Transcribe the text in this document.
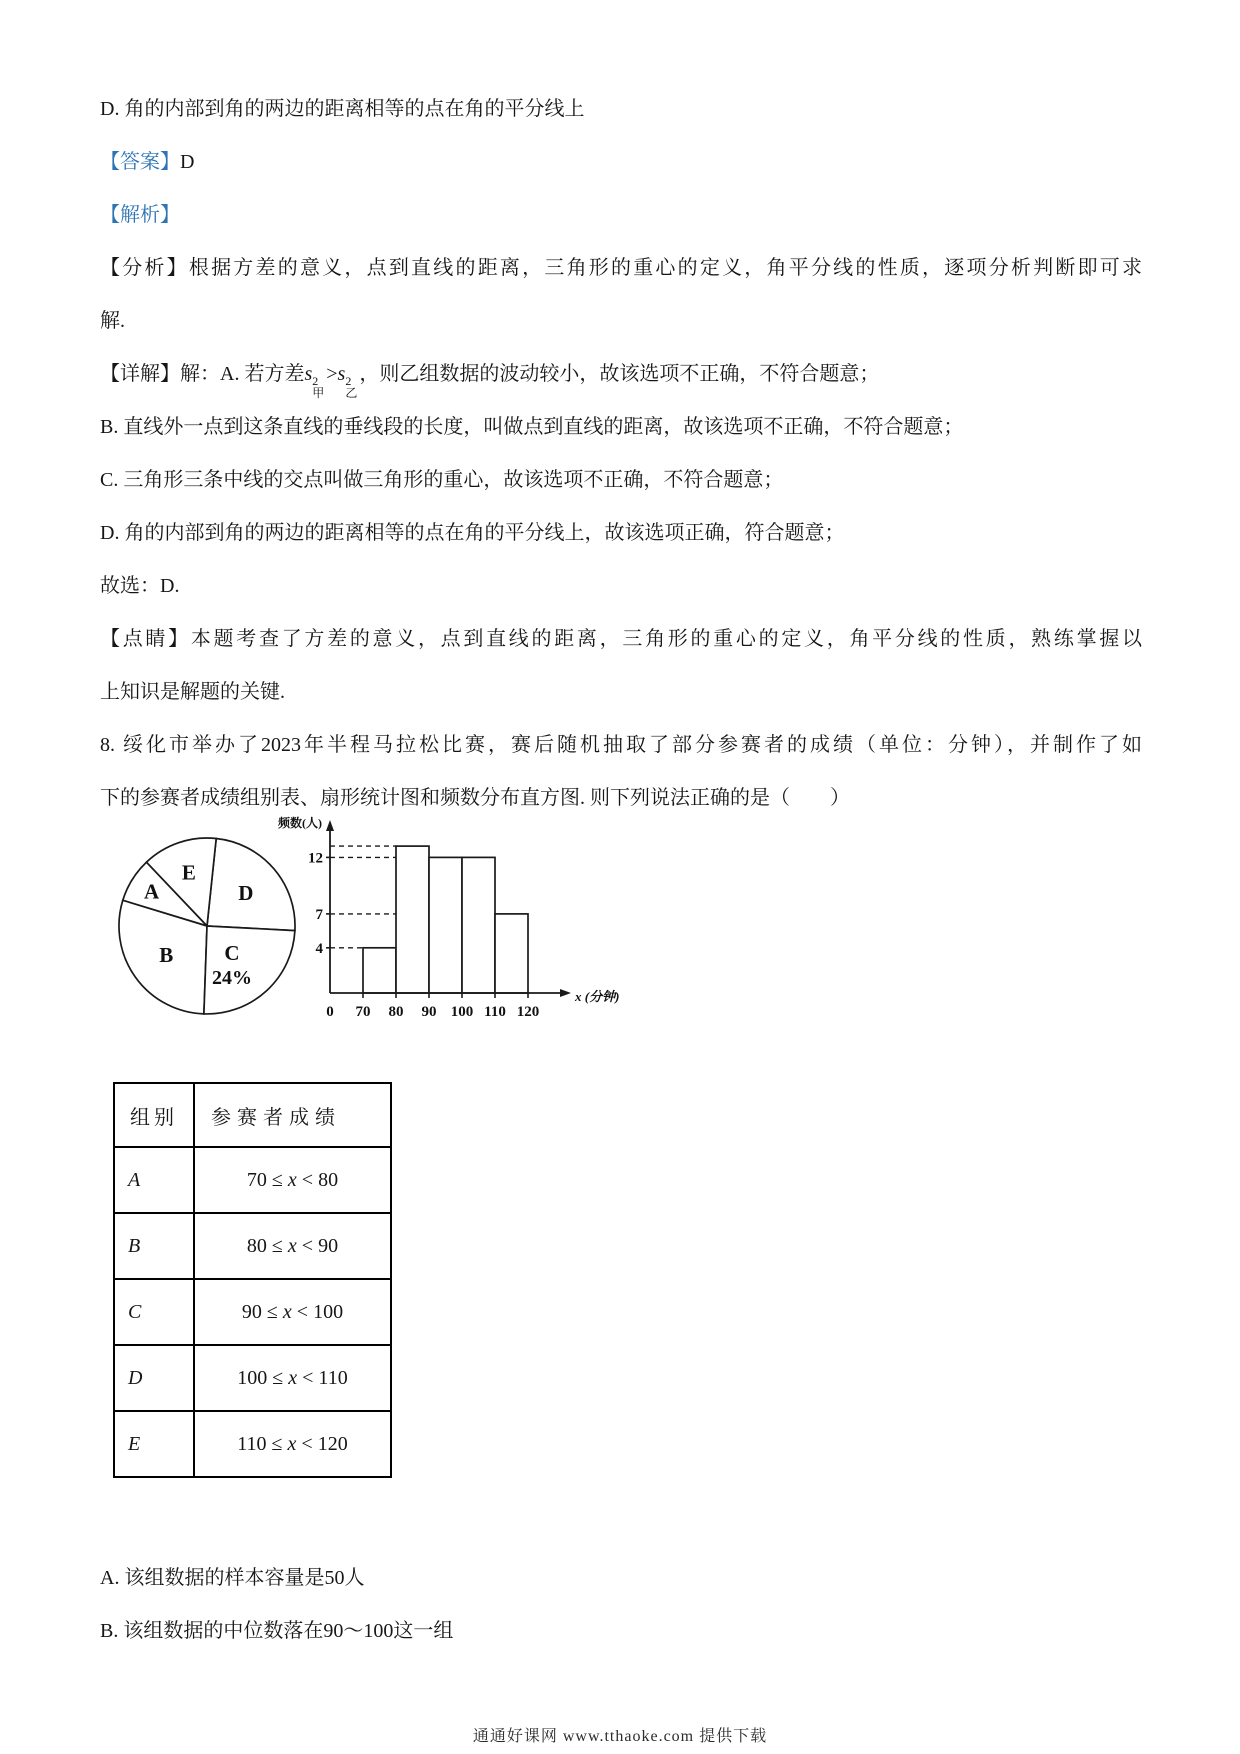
D. 角的内部到角的两边的距离相等的点在角的平分线上
【答案】D
【解析】
【分析】根据方差的意义，点到直线的距离，三角形的重心的定义，角平分线的性质，逐项分析判断即可求
解.
【详解】解：A. 若方差s 2
甲
>s 2
乙
，则乙组数据的波动较小，故该选项不正确，不符合题意；
B. 直线外一点到这条直线的垂线段的长度，叫做点到直线的距离，故该选项不正确，不符合题意；
C. 三角形三条中线的交点叫做三角形的重心，故该选项不正确，不符合题意；
D. 角的内部到角的两边的距离相等的点在角的平分线上，故该选项正确，符合题意；
故选：D.
【点睛】本题考查了方差的意义，点到直线的距离，三角形的重心的定义，角平分线的性质，熟练掌握以
上知识是解题的关键.
8. 绥化市举办了2023年半程马拉松比赛，赛后随机抽取了部分参赛者的成绩（单位：分钟），并制作了如
下的参赛者成绩组别表、扇形统计图和频数分布直方图. 则下列说法正确的是（　　）
D
E
A
B C
24%
4
7
12
0 70 80 90 100 110 120
频数(人)
x (分钟)
组别	参赛者成绩
A	70 ≤ x < 80
B	80 ≤ x < 90
C	90 ≤ x < 100
D	100 ≤ x < 110
E	110 ≤ x < 120
A. 该组数据的样本容量是50人
B. 该组数据的中位数落在90～100这一组
通通好课网 www.tthaoke.com 提供下载
